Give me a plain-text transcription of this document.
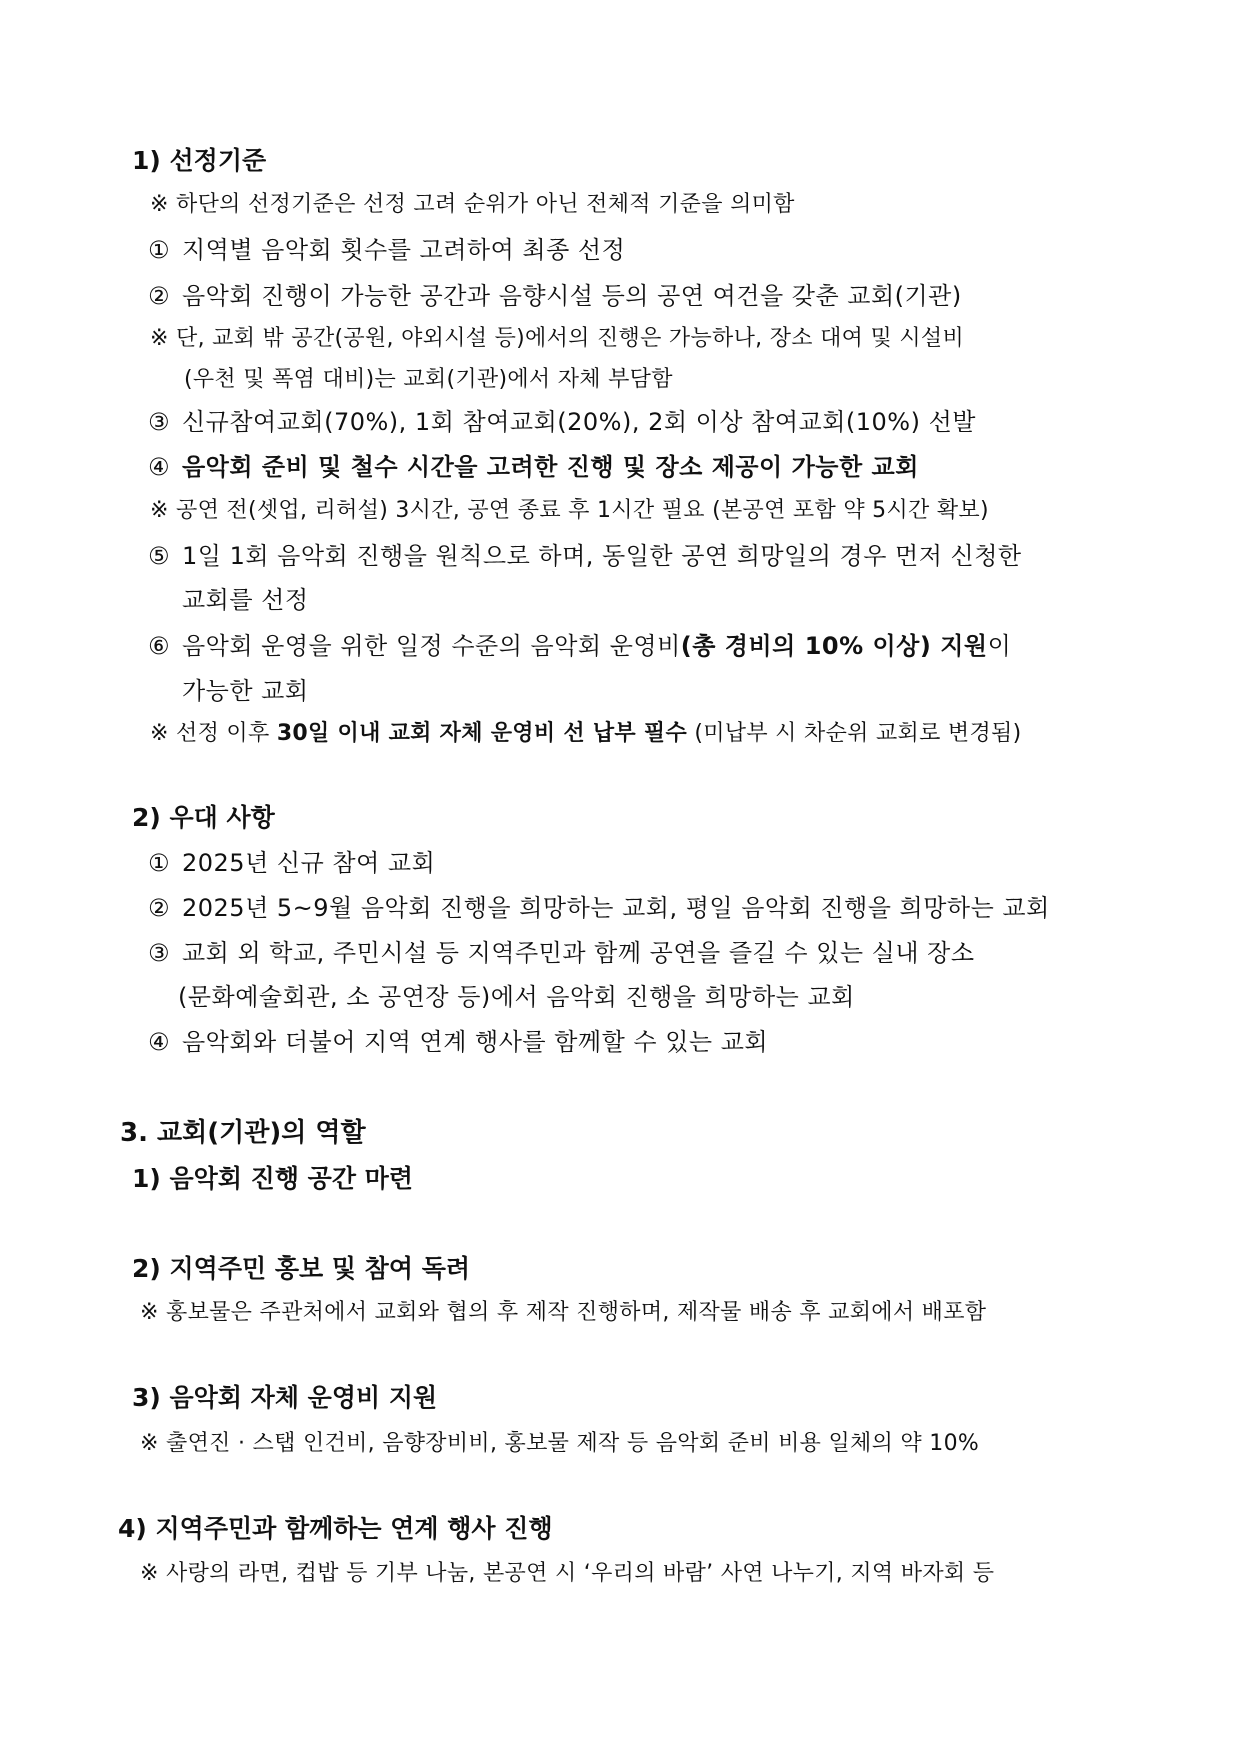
1) 선정기준
※ 하단의 선정기준은 선정 고려 순위가 아닌 전체적 기준을 의미함
① 지역별 음악회 횟수를 고려하여 최종 선정
② 음악회 진행이 가능한 공간과 음향시설 등의 공연 여건을 갖춘 교회(기관)
※ 단, 교회 밖 공간(공원, 야외시설 등)에서의 진행은 가능하나, 장소 대여 및 시설비
(우천 및 폭염 대비)는 교회(기관)에서 자체 부담함
③ 신규참여교회(70%), 1회 참여교회(20%), 2회 이상 참여교회(10%) 선발
④ 음악회 준비 및 철수 시간을 고려한 진행 및 장소 제공이 가능한 교회
※ 공연 전(셋업, 리허설) 3시간, 공연 종료 후 1시간 필요 (본공연 포함 약 5시간 확보)
⑤ 1일 1회 음악회 진행을 원칙으로 하며, 동일한 공연 희망일의 경우 먼저 신청한
교회를 선정
⑥ 음악회 운영을 위한 일정 수준의 음악회 운영비(총 경비의 10% 이상) 지원이
가능한 교회
※ 선정 이후 30일 이내 교회 자체 운영비 선 납부 필수 (미납부 시 차순위 교회로 변경됨)
2) 우대 사항
① 2025년 신규 참여 교회
② 2025년 5~9월 음악회 진행을 희망하는 교회, 평일 음악회 진행을 희망하는 교회
③ 교회 외 학교, 주민시설 등 지역주민과 함께 공연을 즐길 수 있는 실내 장소
(문화예술회관, 소 공연장 등)에서 음악회 진행을 희망하는 교회
④ 음악회와 더불어 지역 연계 행사를 함께할 수 있는 교회
3. 교회(기관)의 역할
1) 음악회 진행 공간 마련
2) 지역주민 홍보 및 참여 독려
※ 홍보물은 주관처에서 교회와 협의 후 제작 진행하며, 제작물 배송 후 교회에서 배포함
3) 음악회 자체 운영비 지원
※ 출연진 · 스탭 인건비, 음향장비비, 홍보물 제작 등 음악회 준비 비용 일체의 약 10%
4) 지역주민과 함께하는 연계 행사 진행
※ 사랑의 라면, 컵밥 등 기부 나눔, 본공연 시 ‘우리의 바람’ 사연 나누기, 지역 바자회 등
